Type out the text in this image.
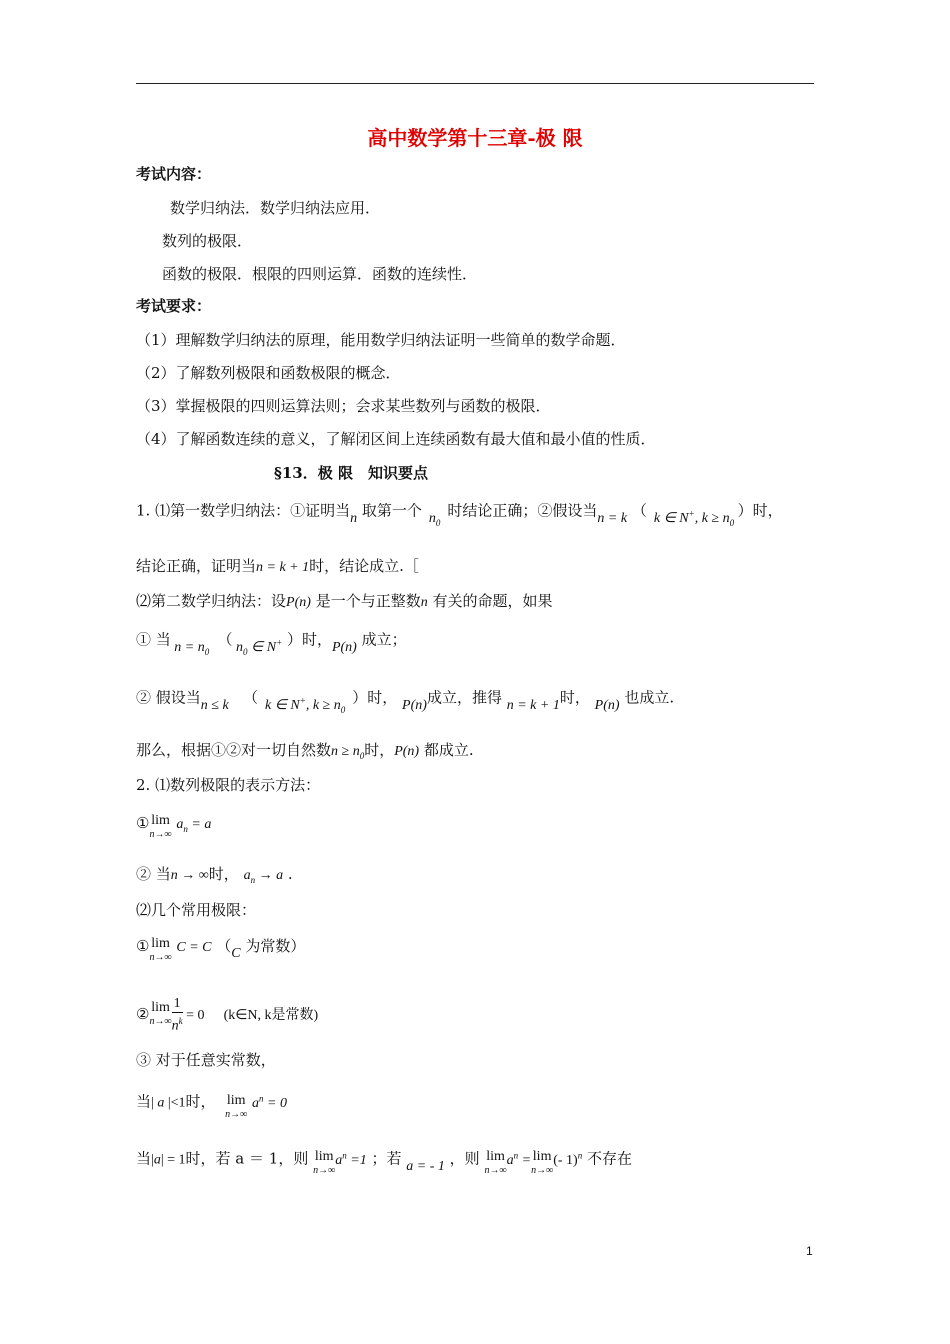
高中数学第十三章-极 限
考试内容：
数学归纳法．数学归纳法应用．
数列的极限．
函数的极限．根限的四则运算．函数的连续性．
考试要求：
（1）理解数学归纳法的原理，能用数学归纳法证明一些简单的数学命题．
（2）了解数列极限和函数极限的概念．
（3）掌握极限的四则运算法则；会求某些数列与函数的极限．
（4）了解函数连续的意义，了解闭区间上连续函数有最大值和最小值的性质．
§13．极 限　知识要点
1. ⑴第一数学归纳法：①证明当n 取第一个  $n_0$  时结论正确；②假设当n = k （  k ∈ N+, $k \ge n_0$ ）时，
结论正确，证明当n = k + 1时，结论成立.［
⑵第二数学归纳法：设P(n) 是一个与正整数n 有关的命题，如果
① 当 $n = n_0$  （ $n_0$ ∈ N+ ）时，P(n) 成立；
② 假设当n ≤ k （  k ∈ N+, $k \ge n_0$  ）时， P(n)成立，推得 n = k + 1时， P(n) 也成立.
那么，根据①②对一切自然数$n \ge n_0$时，P(n) 都成立.
2. ⑴数列极限的表示方法：
① lim
n→∞
$a_n = a$
② 当n → ∞时， $a_n \to a$ .
⑵几个常用极限：
① lim
n→∞
C = C （C 为常数）
② lim
$n\to\infty \frac{1}{n^k} = 0$ (k∈N, k是常数)
③ 对于任意实常数，
当| a |<1时， lim
n→∞
$a^n = 0$
当|a| = 1时，若 a ＝ 1，则 lim
n→∞
$a^n =1$ ；若 a = - 1 ，则 lim
n→∞
$a^n = \lim$
n→∞
(- 1)$^n$ 不存在
1
